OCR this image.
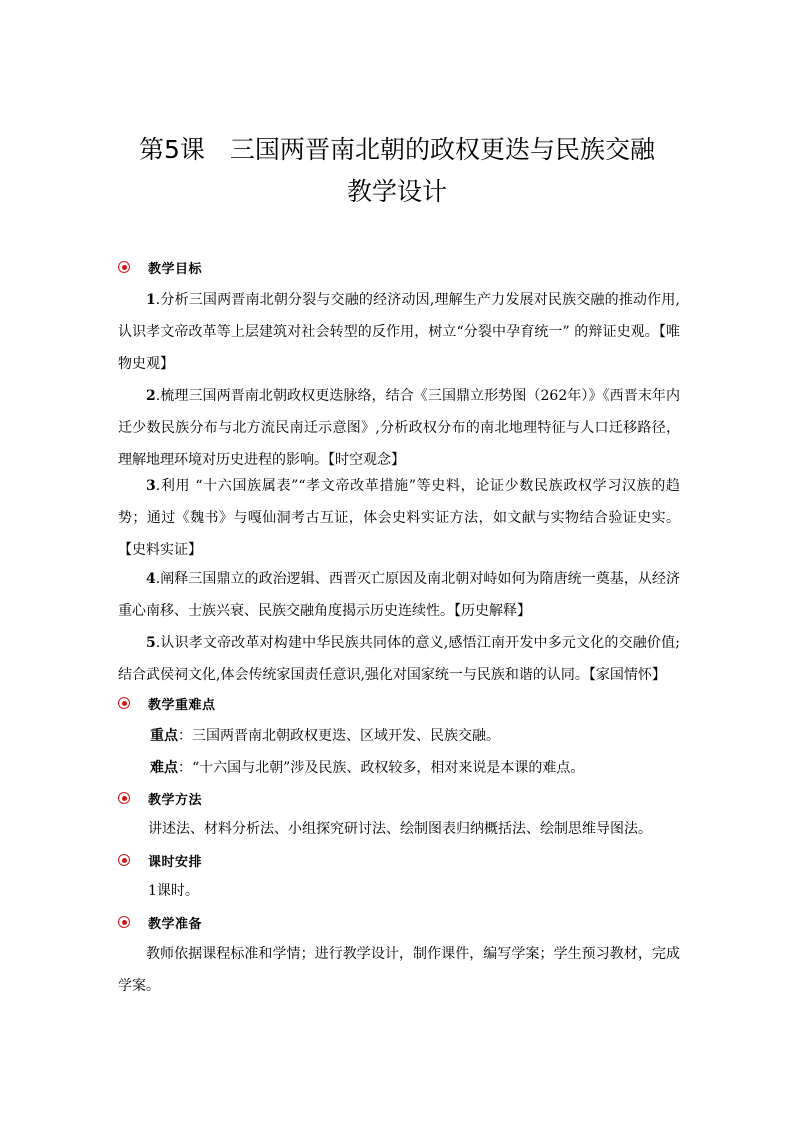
第5课　三国两晋南北朝的政权更迭与民族交融
教学设计
教学目标
1.分析三国两晋南北朝分裂与交融的经济动因,理解生产力发展对民族交融的推动作用,认识孝文帝改革等上层建筑对社会转型的反作用，树立“分裂中孕育统一” 的辩证史观。【唯物史观】
2.梳理三国两晋南北朝政权更迭脉络，结合《三国鼎立形势图（262年）》《西晋末年内迁少数民族分布与北方流民南迁示意图》,分析政权分布的南北地理特征与人口迁移路径，理解地理环境对历史进程的影响。【时空观念】
3.利用 “十六国族属表”“孝文帝改革措施”等史料，论证少数民族政权学习汉族的趋势；通过《魏书》与嘎仙洞考古互证，体会史料实证方法，如文献与实物结合验证史实。【史料实证】
4.阐释三国鼎立的政治逻辑、西晋灭亡原因及南北朝对峙如何为隋唐统一奠基，从经济重心南移、士族兴衰、民族交融角度揭示历史连续性。【历史解释】
5.认识孝文帝改革对构建中华民族共同体的意义,感悟江南开发中多元文化的交融价值;结合武侯祠文化,体会传统家国责任意识,强化对国家统一与民族和谐的认同。【家国情怀】
教学重难点
重点：三国两晋南北朝政权更迭、区域开发、民族交融。
难点：“十六国与北朝”涉及民族、政权较多，相对来说是本课的难点。
教学方法
讲述法、材料分析法、小组探究研讨法、绘制图表归纳概括法、绘制思维导图法。
课时安排
1课时。
教学准备
教师依据课程标准和学情；进行教学设计，制作课件，编写学案；学生预习教材，完成学案。
